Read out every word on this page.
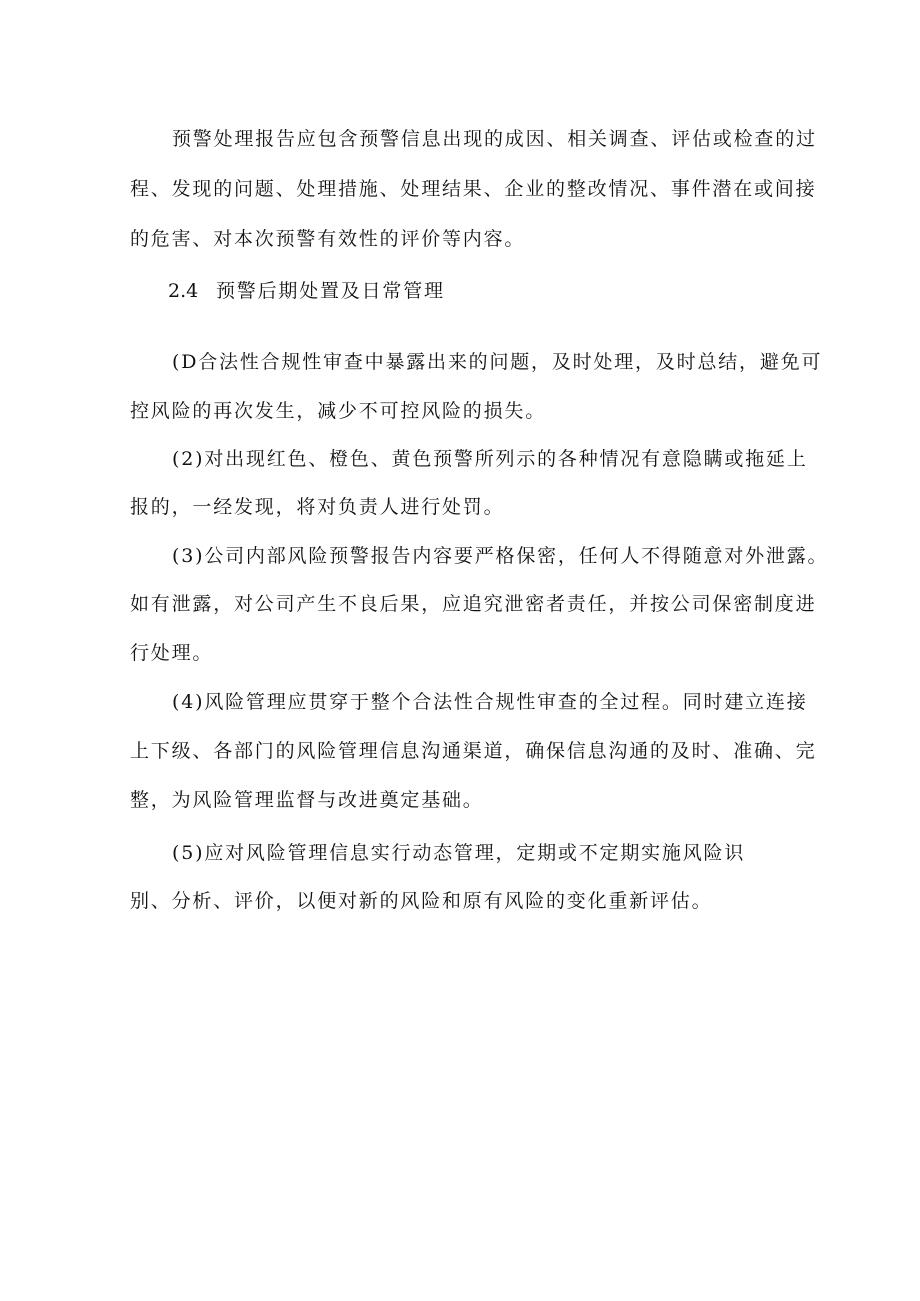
预警处理报告应包含预警信息出现的成因、相关调查、评估或检查的过
程、发现的问题、处理措施、处理结果、企业的整改情况、事件潜在或间接
的危害、对本次预警有效性的评价等内容。
2.4 预警后期处置及日常管理
(D合法性合规性审查中暴露出来的问题，及时处理，及时总结，避免可
控风险的再次发生，减少不可控风险的损失。
(2)对出现红色、橙色、黄色预警所列示的各种情况有意隐瞒或拖延上
报的，一经发现，将对负责人进行处罚。
(3)公司内部风险预警报告内容要严格保密，任何人不得随意对外泄露。
如有泄露，对公司产生不良后果，应追究泄密者责任，并按公司保密制度进
行处理。
(4)风险管理应贯穿于整个合法性合规性审查的全过程。同时建立连接
上下级、各部门的风险管理信息沟通渠道，确保信息沟通的及时、准确、完
整，为风险管理监督与改进奠定基础。
(5)应对风险管理信息实行动态管理，定期或不定期实施风险识
别、分析、评价，以便对新的风险和原有风险的变化重新评估。
